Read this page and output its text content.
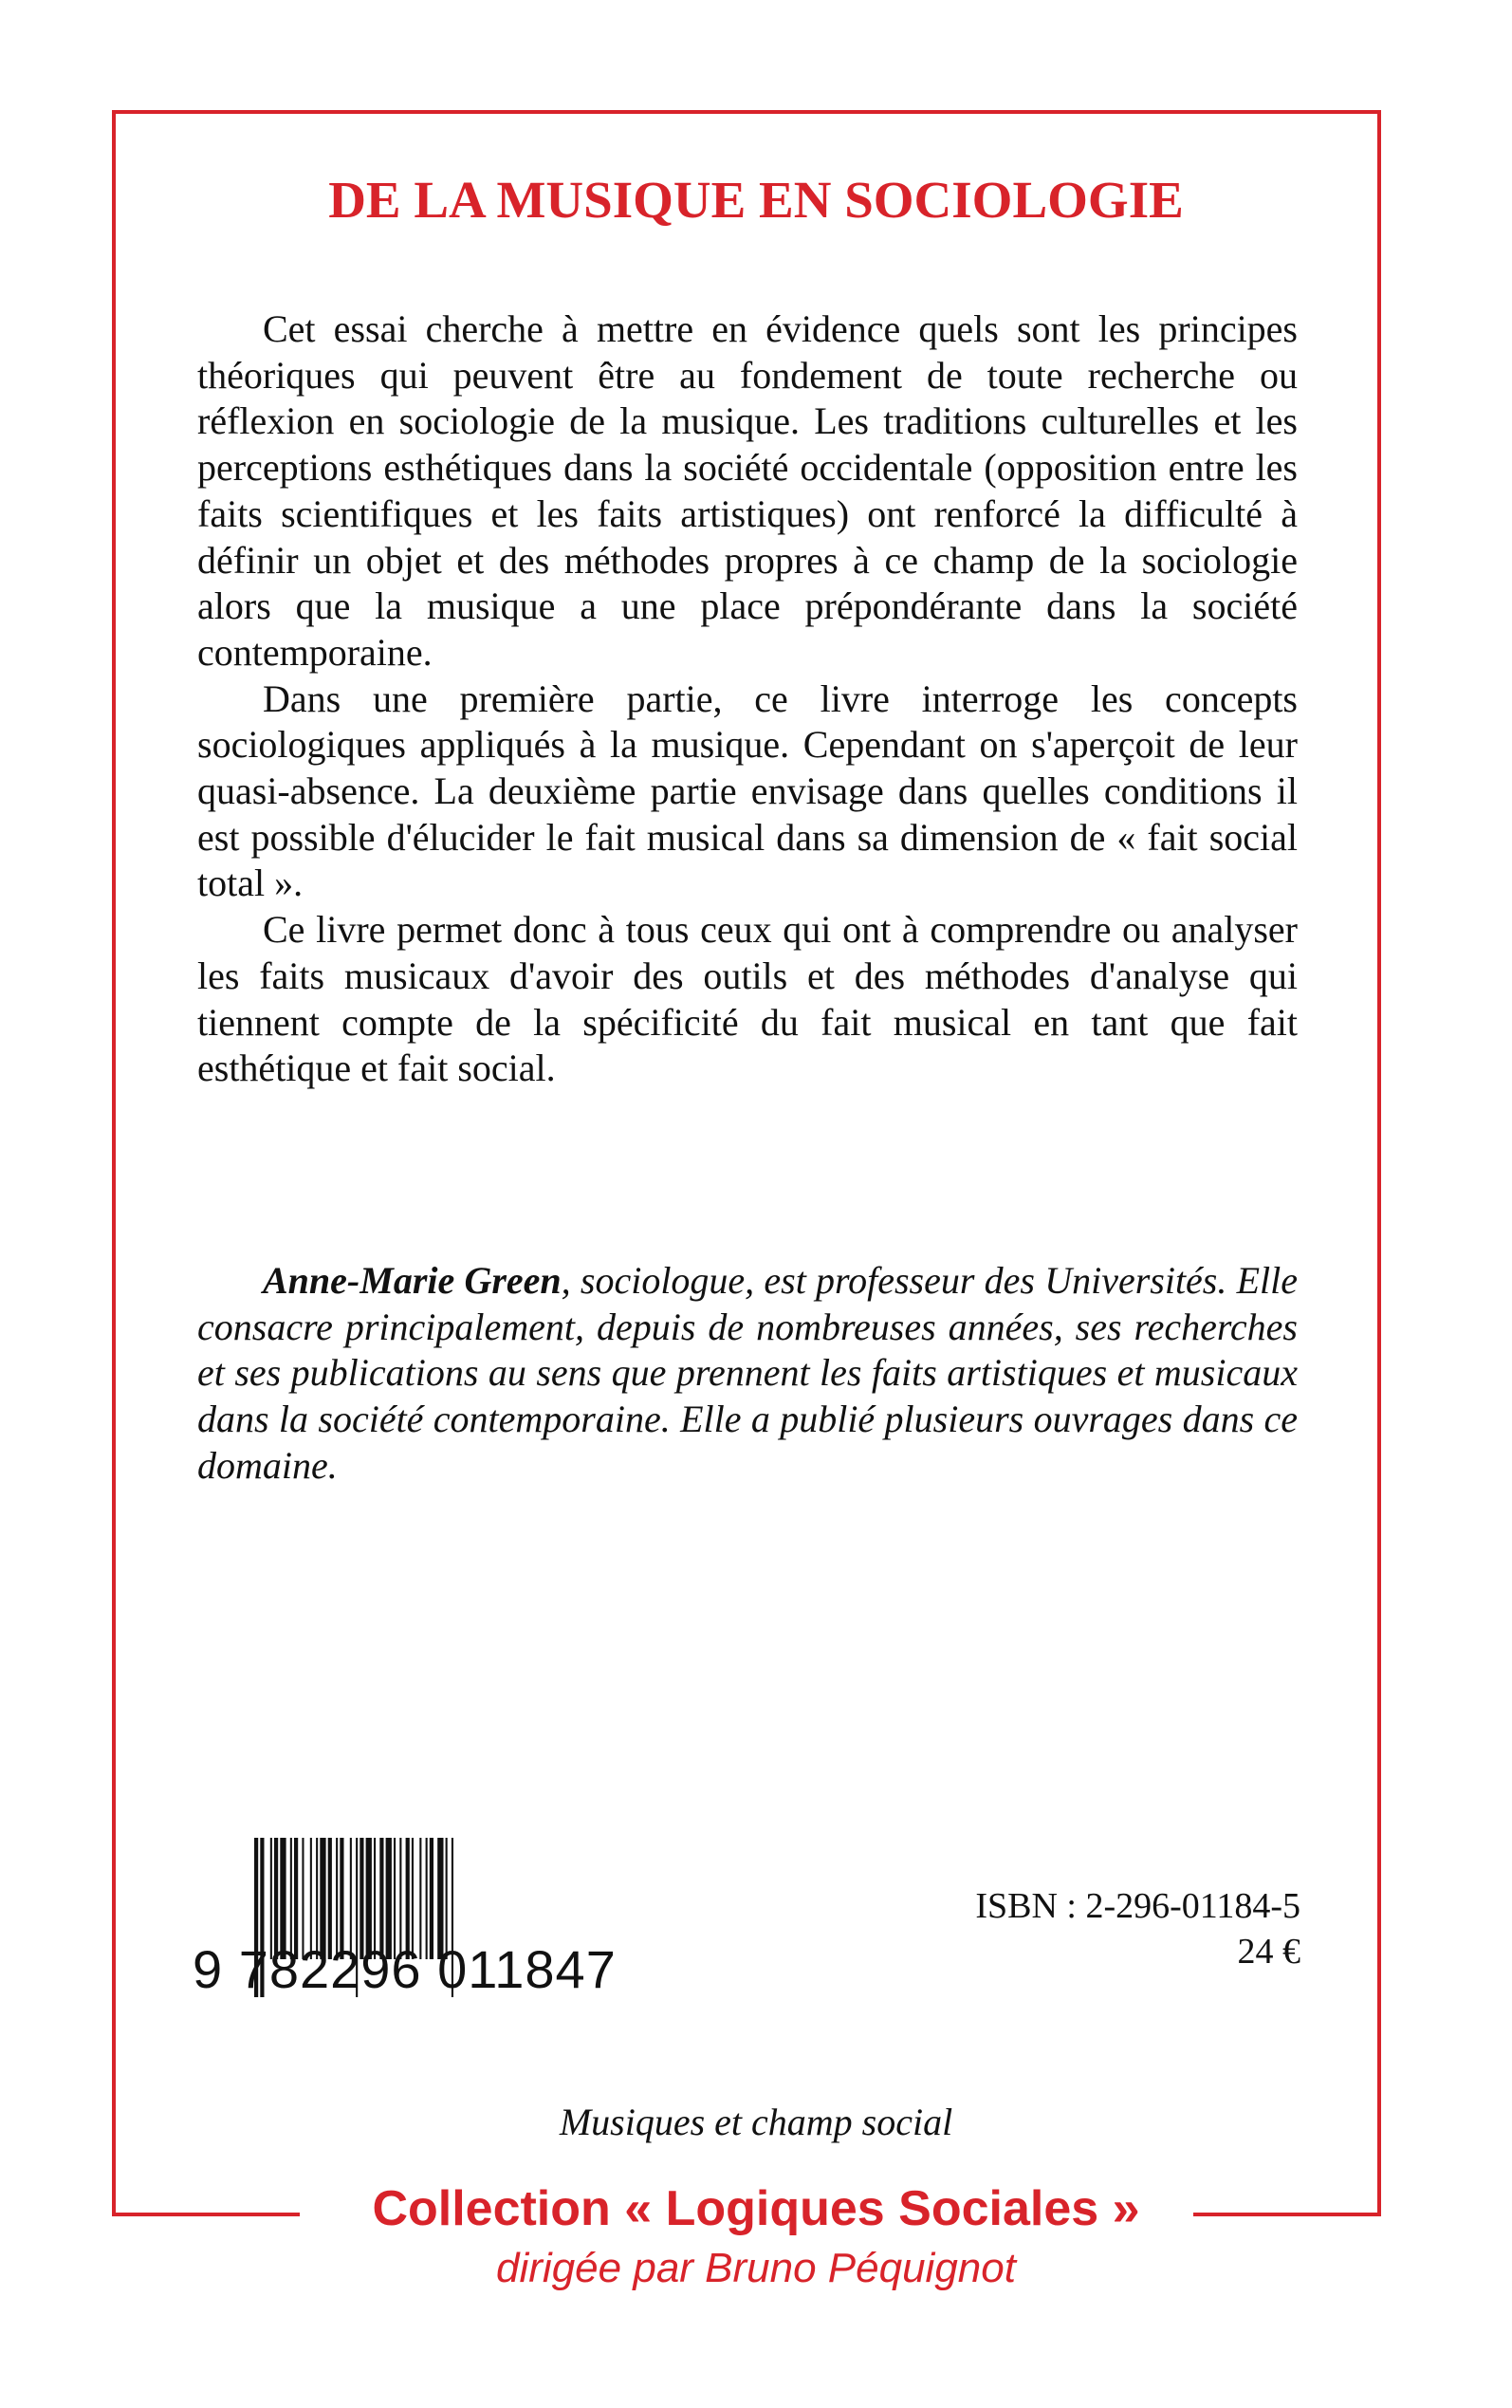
DE LA MUSIQUE EN SOCIOLOGIE

Cet essai cherche à mettre en évidence quels sont les principes théoriques qui peuvent être au fondement de toute recherche ou réflexion en sociologie de la musique. Les traditions culturelles et les perceptions esthétiques dans la société occidentale (opposition entre les faits scientifiques et les faits artistiques) ont renforcé la difficulté à définir un objet et des méthodes propres à ce champ de la sociologie alors que la musique a une place prépondérante dans la société contemporaine.

Dans une première partie, ce livre interroge les concepts sociologiques appliqués à la musique. Cependant on s'aperçoit de leur quasi-absence. La deuxième partie envisage dans quelles conditions il est possible d'élucider le fait musical dans sa dimension de « fait social total ».

Ce livre permet donc à tous ceux qui ont à comprendre ou analyser les faits musicaux d'avoir des outils et des méthodes d'analyse qui tiennent compte de la spécificité du fait musical en tant que fait esthétique et fait social.

Anne-Marie Green, sociologue, est professeur des Universités. Elle consacre principalement, depuis de nombreuses années, ses recherches et ses publications au sens que prennent les faits artistiques et musicaux dans la société contemporaine. Elle a publié plusieurs ouvrages dans ce domaine.

9 782296 011847
ISBN : 2-296-01184-5
24 €
Musiques et champ social
Collection « Logiques Sociales »
dirigée par Bruno Péquignot
